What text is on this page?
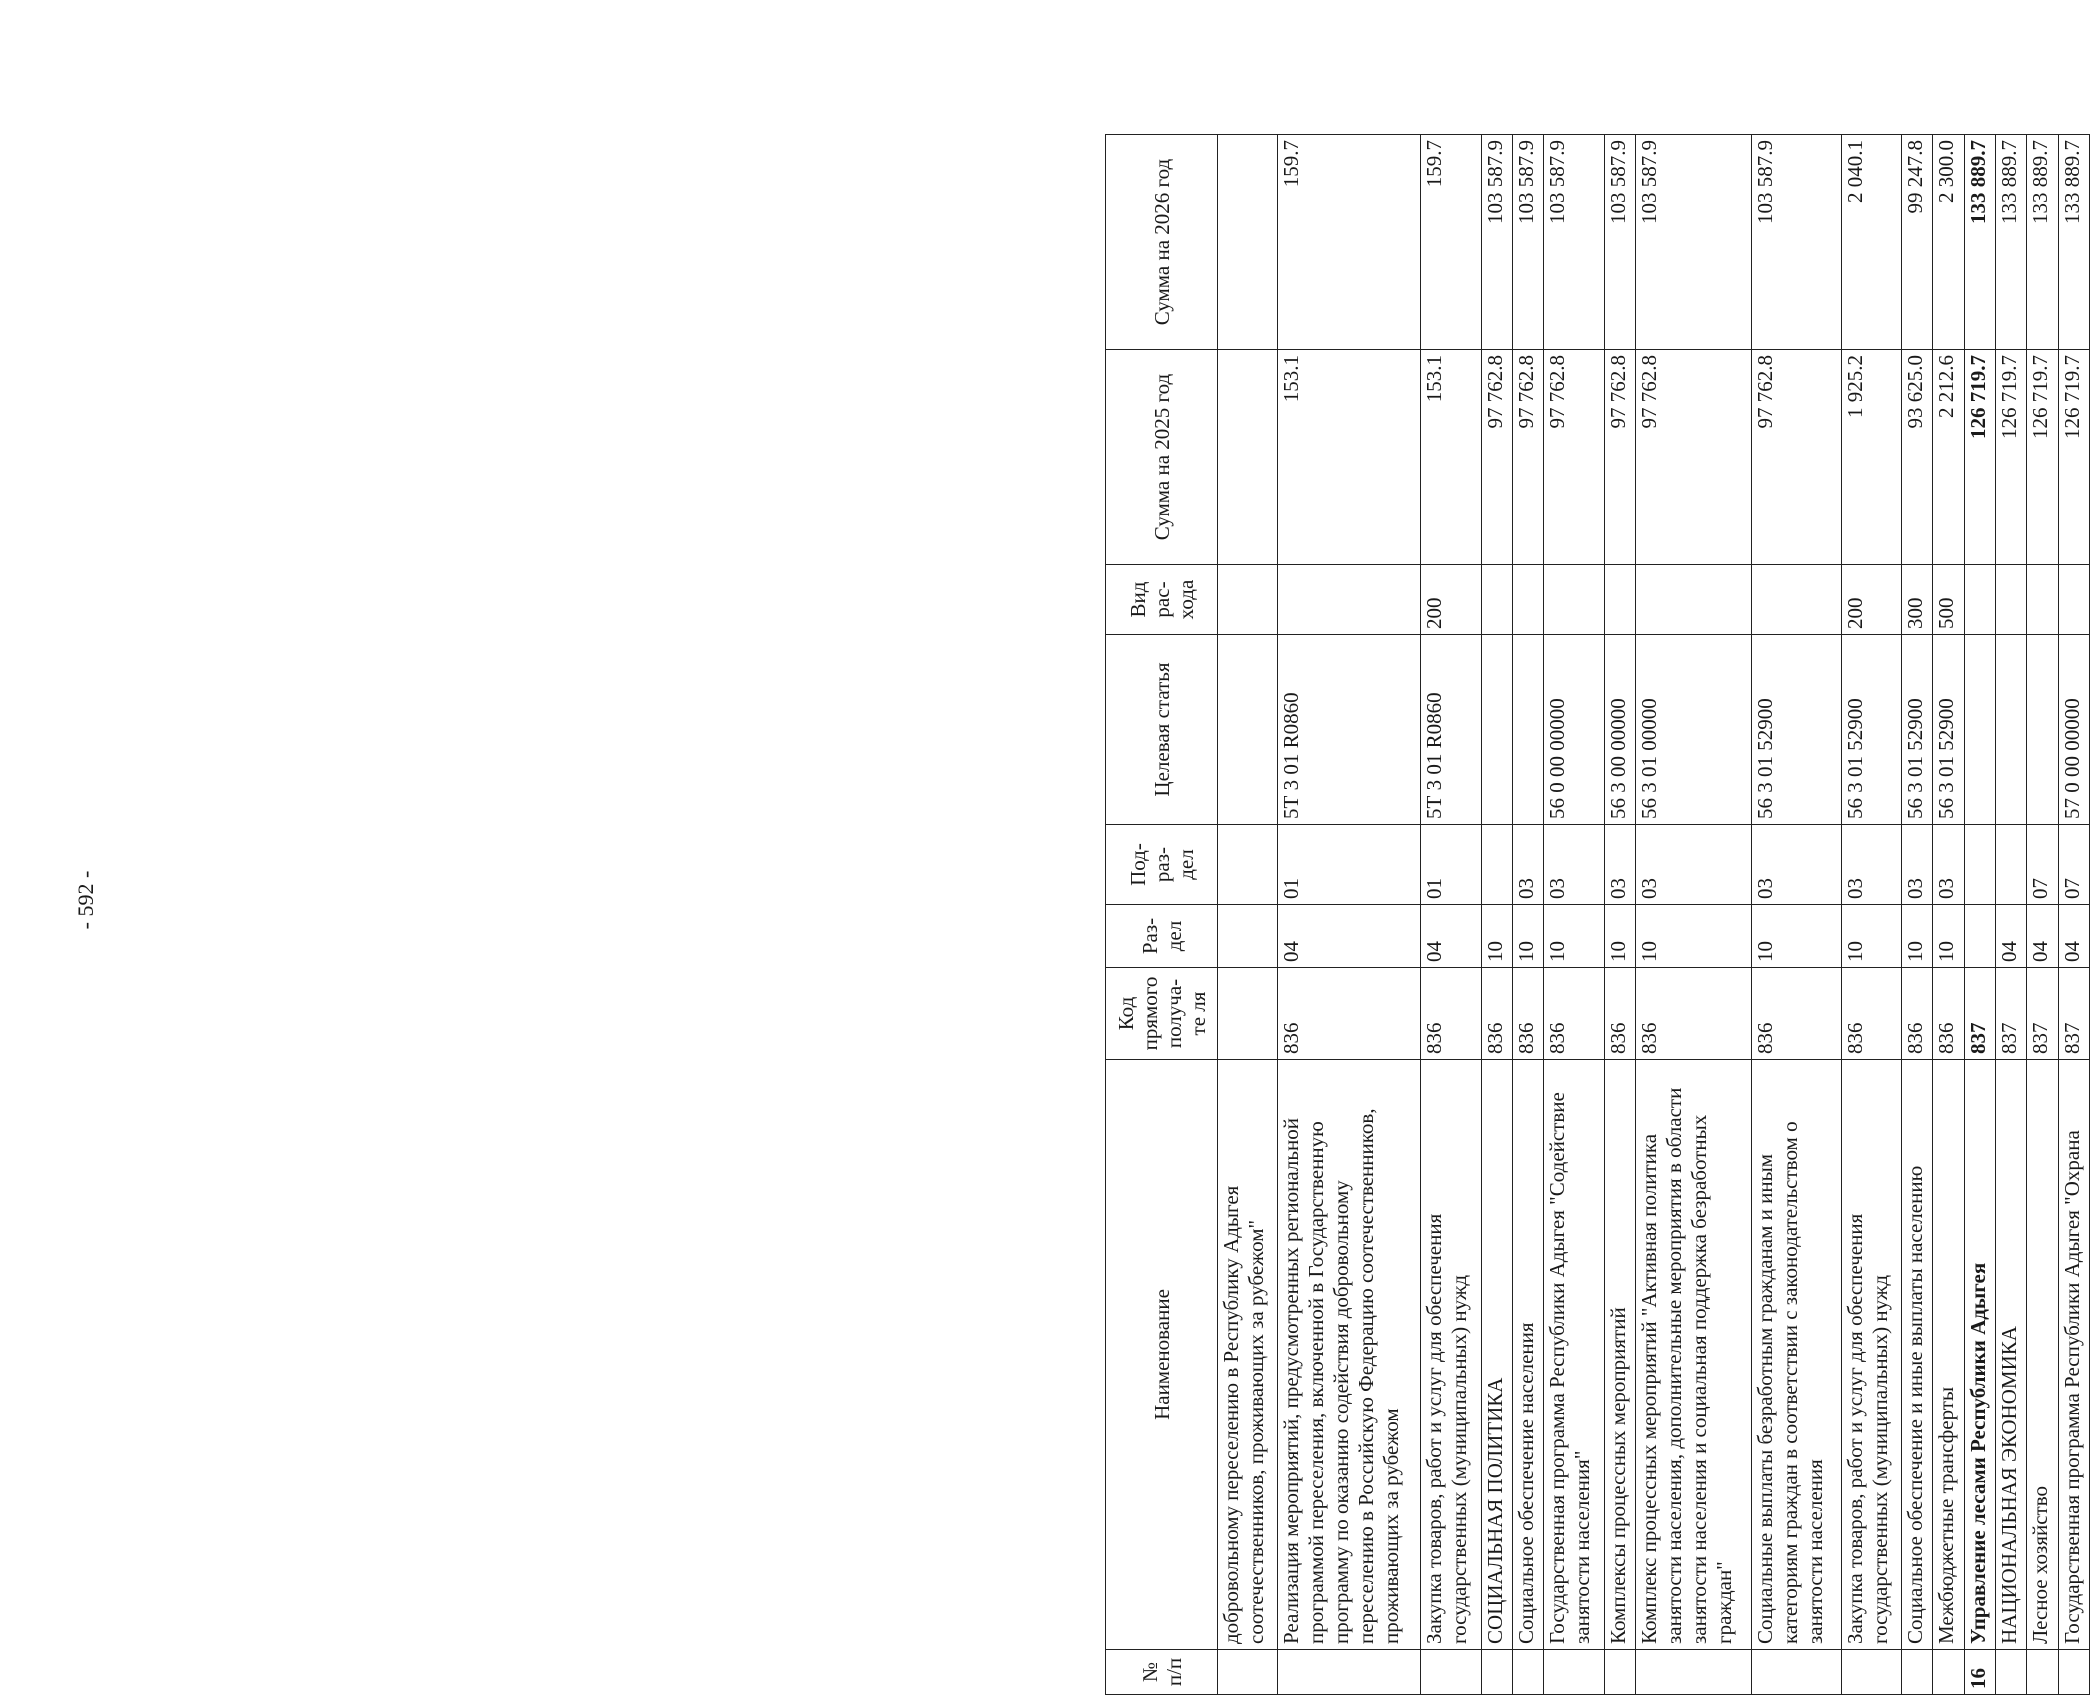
- 592 -
№ п/п	Наименование	Код прямого получа-те ля	Раз- дел	Под- раз- дел	Целевая статья	Вид рас- хода	Сумма на 2025 год	Сумма на 2026 год
	добровольному переселению в Республику Адыгея соотечественников, проживающих за рубежом"							
	Реализация мероприятий, предусмотренных региональной программой переселения, включенной в Государственную программу по оказанию содействия добровольному переселению в Российскую Федерацию соотечественников, проживающих за рубежом	836	04	01	5Т 3 01 R0860		153.1	159.7
	Закупка товаров, работ и услуг для обеспечения государственных (муниципальных) нужд	836	04	01	5Т 3 01 R0860	200	153.1	159.7
	СОЦИАЛЬНАЯ ПОЛИТИКА	836	10				97 762.8	103 587.9
	Социальное обеспечение населения	836	10	03			97 762.8	103 587.9
	Государственная программа Республики Адыгея "Содействие занятости населения"	836	10	03	56 0 00 00000		97 762.8	103 587.9
	Комплексы процессных мероприятий	836	10	03	56 3 00 00000		97 762.8	103 587.9
	Комплекс процессных мероприятий "Активная политика занятости населения, дополнительные мероприятия в области занятости населения и социальная поддержка безработных граждан"	836	10	03	56 3 01 00000		97 762.8	103 587.9
	Социальные выплаты безработным гражданам и иным категориям граждан в соответствии с законодательством о занятости населения	836	10	03	56 3 01 52900		97 762.8	103 587.9
	Закупка товаров, работ и услуг для обеспечения государственных (муниципальных) нужд	836	10	03	56 3 01 52900	200	1 925.2	2 040.1
	Социальное обеспечение и иные выплаты населению	836	10	03	56 3 01 52900	300	93 625.0	99 247.8
	Межбюджетные трансферты	836	10	03	56 3 01 52900	500	2 212.6	2 300.0
16	Управление лесами Республики Адыгея	837					126 719.7	133 889.7
	НАЦИОНАЛЬНАЯ ЭКОНОМИКА	837	04				126 719.7	133 889.7
	Лесное хозяйство	837	04	07			126 719.7	133 889.7
	Государственная программа Республики Адыгея "Охрана	837	04	07	57 0 00 00000		126 719.7	133 889.7
